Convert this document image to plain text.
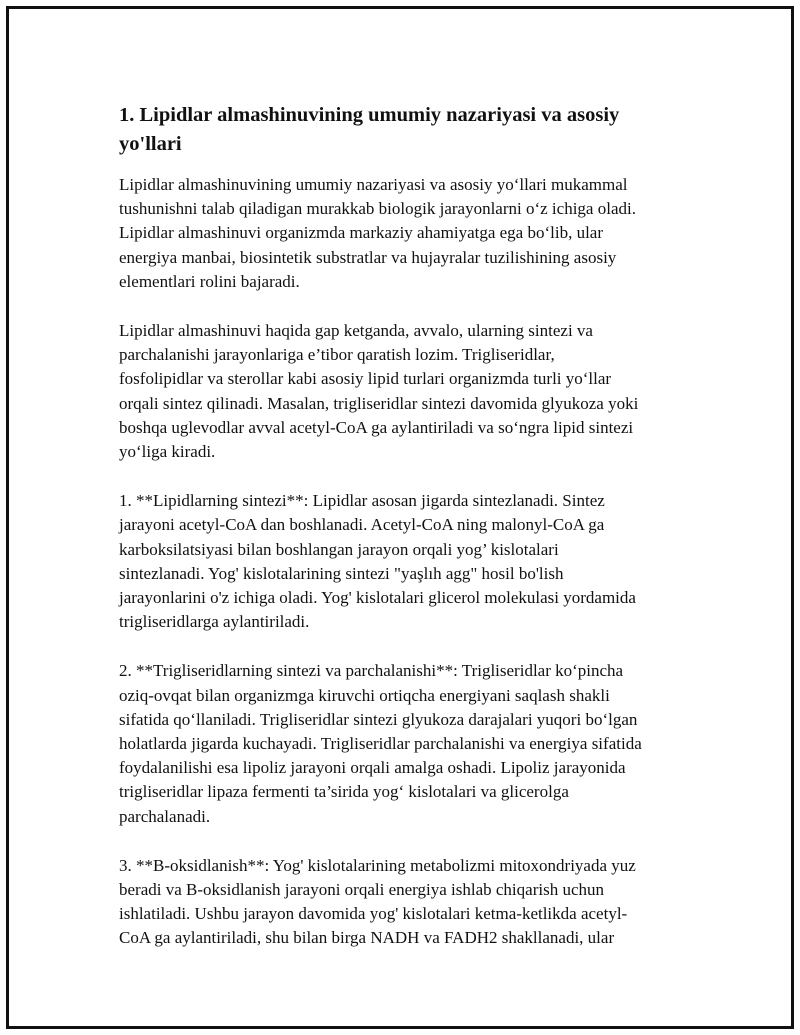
1. Lipidlar almashinuvining umumiy nazariyasi va asosiy
yo'llari

Lipidlar almashinuvining umumiy nazariyasi va asosiy yo‘llari mukammal
tushunishni talab qiladigan murakkab biologik jarayonlarni o‘z ichiga oladi.
Lipidlar almashinuvi organizmda markaziy ahamiyatga ega bo‘lib, ular
energiya manbai, biosintetik substratlar va hujayralar tuzilishining asosiy
elementlari rolini bajaradi.

Lipidlar almashinuvi haqida gap ketganda, avvalo, ularning sintezi va
parchalanishi jarayonlariga e’tibor qaratish lozim. Trigliseridlar,
fosfolipidlar va sterollar kabi asosiy lipid turlari organizmda turli yo‘llar
orqali sintez qilinadi. Masalan, trigliseridlar sintezi davomida glyukoza yoki
boshqa uglevodlar avval acetyl-CoA ga aylantiriladi va so‘ngra lipid sintezi
yo‘liga kiradi.

1. **Lipidlarning sintezi**: Lipidlar asosan jigarda sintezlanadi. Sintez
jarayoni acetyl-CoA dan boshlanadi. Acetyl-CoA ning malonyl-CoA ga
karboksilatsiyasi bilan boshlangan jarayon orqali yog’ kislotalari
sintezlanadi. Yog' kislotalarining sintezi "yaşlıh agg" hosil bo'lish
jarayonlarini o'z ichiga oladi. Yog' kislotalari glicerol molekulasi yordamida
trigliseridlarga aylantiriladi.

2. **Trigliseridlarning sintezi va parchalanishi**: Trigliseridlar ko‘pincha
oziq-ovqat bilan organizmga kiruvchi ortiqcha energiyani saqlash shakli
sifatida qo‘llaniladi. Trigliseridlar sintezi glyukoza darajalari yuqori bo‘lgan
holatlarda jigarda kuchayadi. Trigliseridlar parchalanishi va energiya sifatida
foydalanilishi esa lipoliz jarayoni orqali amalga oshadi. Lipoliz jarayonida
trigliseridlar lipaza fermenti ta’sirida yog‘ kislotalari va glicerolga
parchalanadi.

3. **B-oksidlanish**: Yog' kislotalarining metabolizmi mitoxondriyada yuz
beradi va B-oksidlanish jarayoni orqali energiya ishlab chiqarish uchun
ishlatiladi. Ushbu jarayon davomida yog' kislotalari ketma-ketlikda acetyl-
CoA ga aylantiriladi, shu bilan birga NADH va FADH2 shakllanadi, ular
